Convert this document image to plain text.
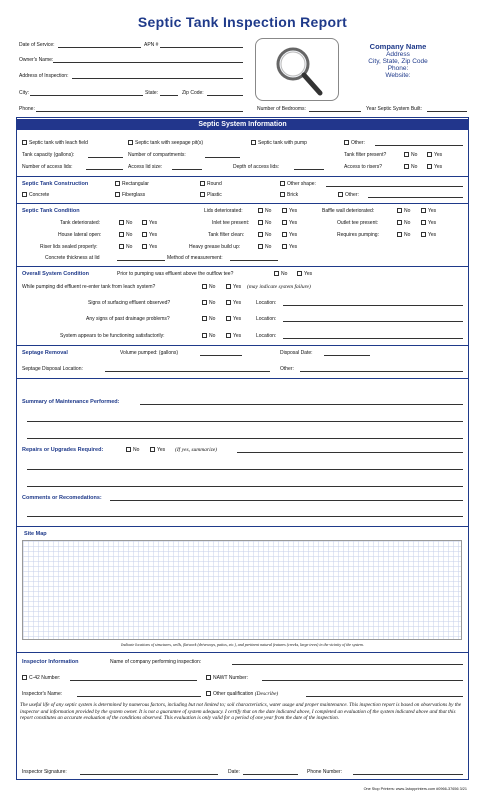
Septic Tank Inspection Report
Date of Service:	APN #
Owner's Name:
Address of Inspection:
City:	State:	Zip Code:
Phone:	Number of Bedrooms:	Year Septic System Built:
Company Name
Address
City, State, Zip Code
Phone:
Website:
Septic System Information
Septic tank with leach field	Septic tank with seepage pit(s)	Septic tank with pump	Other:
Tank capacity (gallons):	Number of compartments:	Tank filter present?	No	Yes
Number of access lids:	Access lid size:	Depth of access lids:	Access to risers?	No	Yes
Septic Tank Construction	Rectangular	Round	Other shape:
Concrete	Fiberglass	Plastic	Brick	Other:
Septic Tank Condition
Tank deteriorated:	No	Yes
House lateral open:	No	Yes
Riser lids sealed properly:	No	Yes
Lids deteriorated:	No	Yes
Inlet tee present:	No	Yes
Tank filter clean:	No	Yes
Heavy grease build up:	No	Yes
Baffle wall deteriorated:	No	Yes
Outlet tee present:	No	Yes
Requires pumping:	No	Yes
Concrete thickness at lid	Method of measurement:
Overall System Condition	Prior to pumping was effluent above the outflow tee?	No	Yes
While pumping did effluent re-enter tank from leach system?	No	Yes (may indicate system failure)
Signs of surfacing effluent observed?	No	Yes	Location:
Any signs of past drainage problems?	No	Yes	Location:
System appears to be functioning satisfactorily:	No	Yes	Location:
Septage Removal	Volume pumped: (gallons)	Disposal Date:
Septage Disposal Location:	Other:
Summary of Maintenance Performed:
Repairs or Upgrades Required:	No	Yes (If yes, summarize)
Comments or Recomedations:
Site Map
Indicate locations of structures, wells, flatwork (driveways, patios, etc.), and pertinent natural features (creeks, large trees) in the vicinity of the system.
Inspector Information	Name of company performing inspection:
C-42 Number:	NAWT Number:
Inspector's Name:	Other qualification (Describe)
The useful life of any septic system is determined by numerous factors, including but not limited to; soil characteristics, water usage and proper maintenance. This inspection report is based on observations by the inspector and information provided by the system owner. It is not a guarantee of system adequacy. I certify that on the date indicated above, I completed an evaluation of the system indicated above and that this report constitutes an accurate evaluation of the conditions observed. This evaluation is only valid for a period of one year from the date of the inspection.
Inspector Signature:	Date:	Phone Number:
One Stop Printers: www.1stopprinters.com #0966-37656 3/21
